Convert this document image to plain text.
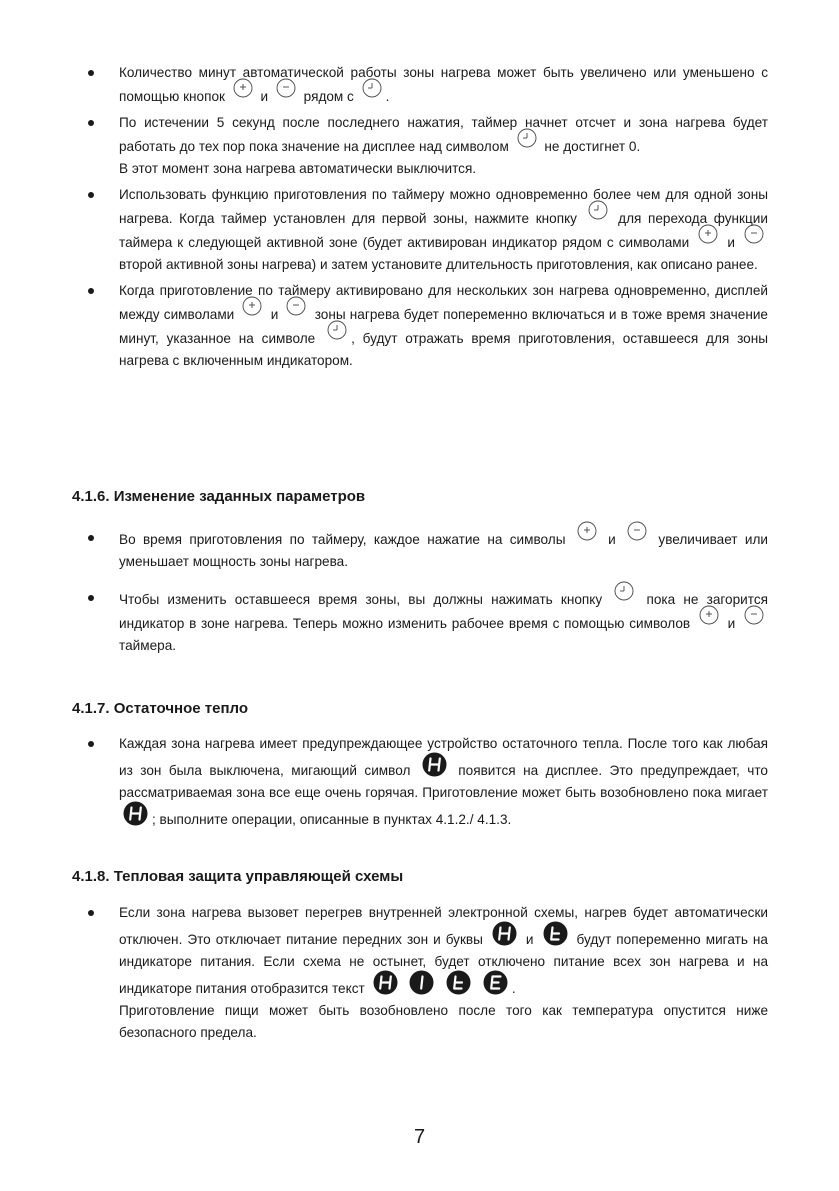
Количество минут автоматической работы зоны нагрева может быть увеличено или уменьшено с помощью кнопок	и	рядом с .
По истечении 5 секунд после последнего нажатия, таймер начнет отсчет и зона нагрева будет работать до тех пор пока значение на дисплее над символом	не достигнет 0.
В этот момент зона нагрева автоматически выключится.
Использовать функцию приготовления по таймеру можно одновременно более чем для одной зоны нагрева. Когда таймер установлен для первой зоны, нажмите кнопку	для перехода функции таймера к следующей активной зоне (будет активирован индикатор рядом с символами	и
второй активной зоны нагрева) и затем установите длительность приготовления, как описано ранее.
Когда приготовление по таймеру активировано для нескольких зон нагрева одновременно, дисплей между символами	и	зоны нагрева будет попеременно включаться и в тоже время значение минут, указанное на символе	, будут отражать время приготовления, оставшееся для зоны нагрева с включенным индикатором.
4.1.6. Изменение заданных параметров
Во время приготовления по таймеру, каждое нажатие на символы	и	увеличивает или уменьшает мощность зоны нагрева.
Чтобы изменить оставшееся время зоны, вы должны нажимать кнопку	пока не загорится индикатор в зоне нагрева. Теперь можно изменить рабочее время с помощью символов	и
таймера.
4.1.7. Остаточное тепло
Каждая зона нагрева имеет предупреждающее устройство остаточного тепла. После того как любая из зон была выключена, мигающий символ	появится на дисплее. Это предупреждает, что рассматриваемая зона все еще очень горячая. Приготовление может быть возобновлено пока мигает ; выполните операции, описанные в пунктах 4.1.2./ 4.1.3.
4.1.8. Тепловая защита управляющей схемы
Если зона нагрева вызовет перегрев внутренней электронной схемы, нагрев будет автоматически отключен. Это отключает питание передних зон и буквы	и	будут попеременно мигать на индикаторе питания. Если схема не остынет, будет отключено питание всех зон нагрева и на индикаторе питания отобразится текст	.
Приготовление пищи может быть возобновлено после того как температура опустится ниже безопасного предела.
7
